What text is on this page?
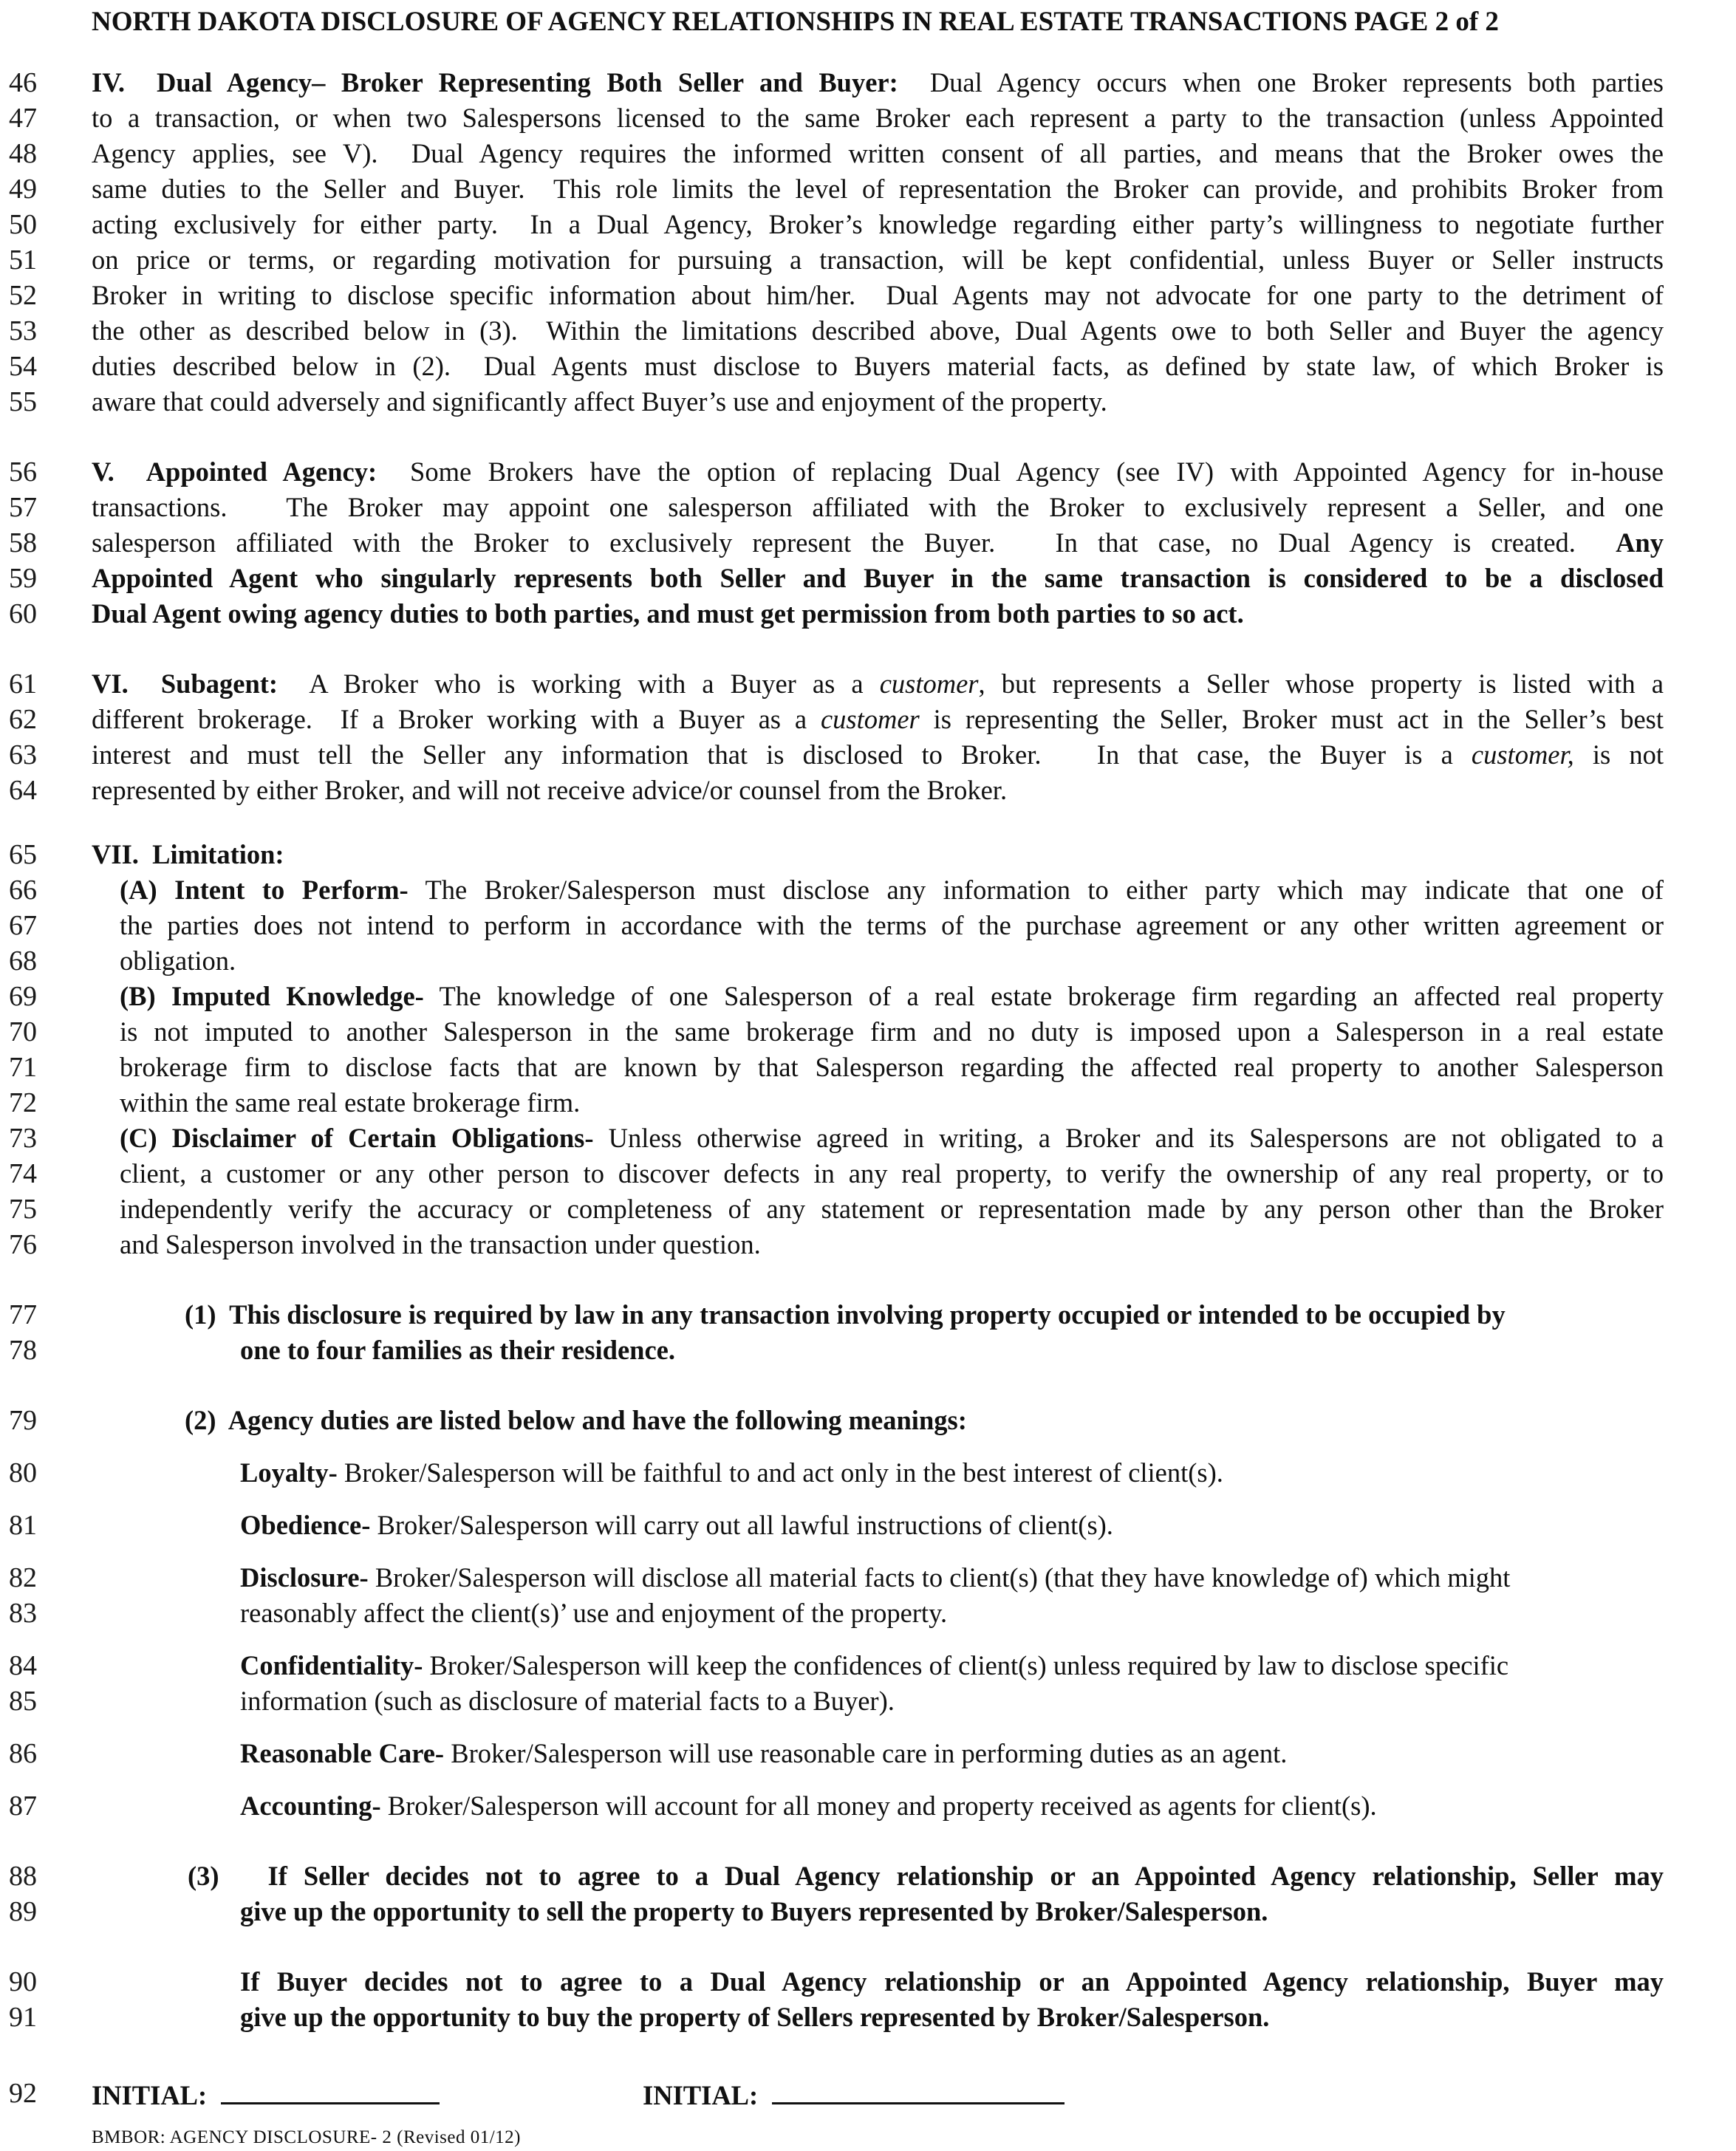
NORTH DAKOTA DISCLOSURE OF AGENCY RELATIONSHIPS IN REAL ESTATE TRANSACTIONS PAGE 2 of 2
46 IV.  Dual Agency– Broker Representing Both Seller and Buyer:  Dual Agency occurs when one Broker represents both parties
47 to a transaction, or when two Salespersons licensed to the same Broker each represent a party to the transaction (unless Appointed
48 Agency applies, see V).  Dual Agency requires the informed written consent of all parties, and means that the Broker owes the
49 same duties to the Seller and Buyer.  This role limits the level of representation the Broker can provide, and prohibits Broker from
50 acting exclusively for either party.  In a Dual Agency, Broker’s knowledge regarding either party’s willingness to negotiate further
51 on price or terms, or regarding motivation for pursuing a transaction, will be kept confidential, unless Buyer or Seller instructs
52 Broker in writing to disclose specific information about him/her.  Dual Agents may not advocate for one party to the detriment of
53 the other as described below in (3).  Within the limitations described above, Dual Agents owe to both Seller and Buyer the agency
54 duties described below in (2).  Dual Agents must disclose to Buyers material facts, as defined by state law, of which Broker is
55 aware that could adversely and significantly affect Buyer’s use and enjoyment of the property.
56 V.  Appointed Agency:  Some Brokers have the option of replacing Dual Agency (see IV) with Appointed Agency for in-house
57 transactions.   The Broker may appoint one salesperson affiliated with the Broker to exclusively represent a Seller, and one
58 salesperson affiliated with the Broker to exclusively represent the Buyer.   In that case, no Dual Agency is created.  Any
59 Appointed Agent who singularly represents both Seller and Buyer in the same transaction is considered to be a disclosed
60 Dual Agent owing agency duties to both parties, and must get permission from both parties to so act.
61 VI.  Subagent:  A Broker who is working with a Buyer as a customer, but represents a Seller whose property is listed with a
62 different brokerage.  If a Broker working with a Buyer as a customer is representing the Seller, Broker must act in the Seller’s best
63 interest and must tell the Seller any information that is disclosed to Broker.   In that case, the Buyer is a customer, is not
64 represented by either Broker, and will not receive advice/or counsel from the Broker.
65 VII.  Limitation:
66	(A) Intent to Perform- The Broker/Salesperson must disclose any information to either party which may indicate that one of
67	the parties does not intend to perform in accordance with the terms of the purchase agreement or any other written agreement or
68	obligation.
69	(B) Imputed Knowledge- The knowledge of one Salesperson of a real estate brokerage firm regarding an affected real property
70	is not imputed to another Salesperson in the same brokerage firm and no duty is imposed upon a Salesperson in a real estate
71	brokerage firm to disclose facts that are known by that Salesperson regarding the affected real property to another Salesperson
72	within the same real estate brokerage firm.
73	(C) Disclaimer of Certain Obligations- Unless otherwise agreed in writing, a Broker and its Salespersons are not obligated to a
74	client, a customer or any other person to discover defects in any real property, to verify the ownership of any real property, or to
75	independently verify the accuracy or completeness of any statement or representation made by any person other than the Broker
76	and Salesperson involved in the transaction under question.
77	(1)  This disclosure is required by law in any transaction involving property occupied or intended to be occupied by
78	one to four families as their residence.
79	(2)  Agency duties are listed below and have the following meanings:
80	Loyalty- Broker/Salesperson will be faithful to and act only in the best interest of client(s).
81	Obedience- Broker/Salesperson will carry out all lawful instructions of client(s).
82	Disclosure- Broker/Salesperson will disclose all material facts to client(s) (that they have knowledge of) which might
83	reasonably affect the client(s)’ use and enjoyment of the property.
84	Confidentiality- Broker/Salesperson will keep the confidences of client(s) unless required by law to disclose specific
85	information (such as disclosure of material facts to a Buyer).
86	Reasonable Care- Broker/Salesperson will use reasonable care in performing duties as an agent.
87	Accounting- Broker/Salesperson will account for all money and property received as agents for client(s).
88	(3)   If Seller decides not to agree to a Dual Agency relationship or an Appointed Agency relationship, Seller may
89	give up the opportunity to sell the property to Buyers represented by Broker/Salesperson.
90	If Buyer decides not to agree to a Dual Agency relationship or an Appointed Agency relationship, Buyer may
91	give up the opportunity to buy the property of Sellers represented by Broker/Salesperson.
92 INITIAL:	INITIAL:
BMBOR: AGENCY DISCLOSURE- 2 (Revised 01/12)
